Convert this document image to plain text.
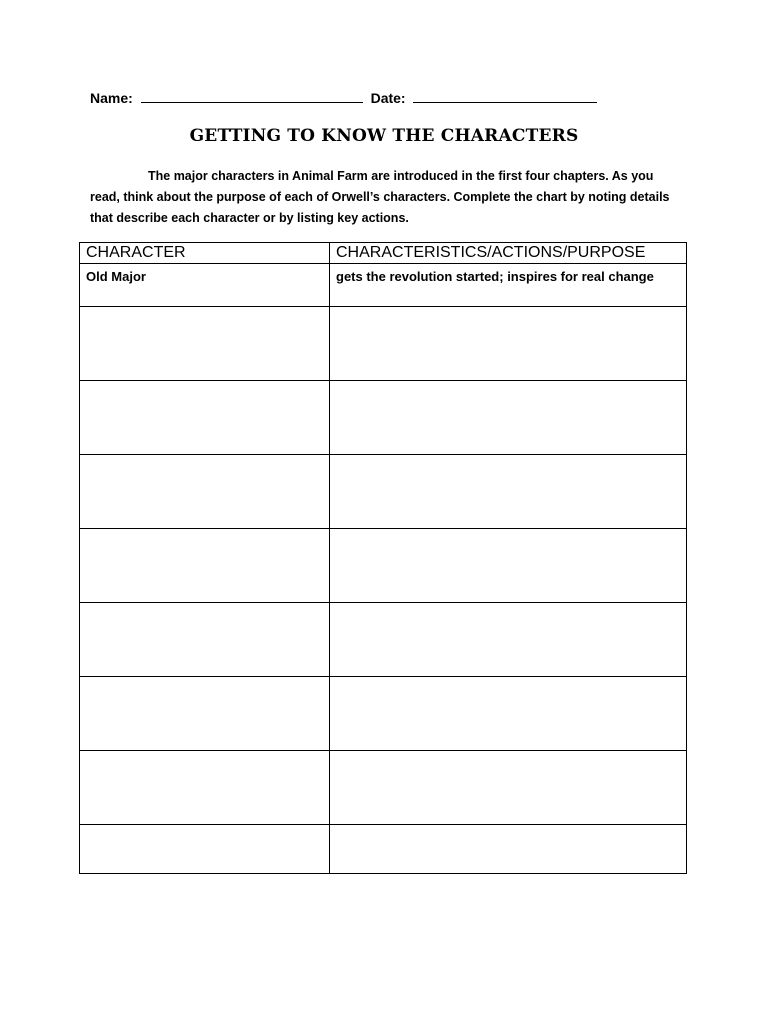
Name:	Date:
GETTING TO KNOW THE CHARACTERS

The major characters in Animal Farm are introduced in the first four chapters. As you read, think about the purpose of each of Orwell’s characters. Complete the chart by noting details that describe each character or by listing key actions.

CHARACTER	CHARACTERISTICS/ACTIONS/PURPOSE
Old Major	gets the revolution started; inspires for real change
